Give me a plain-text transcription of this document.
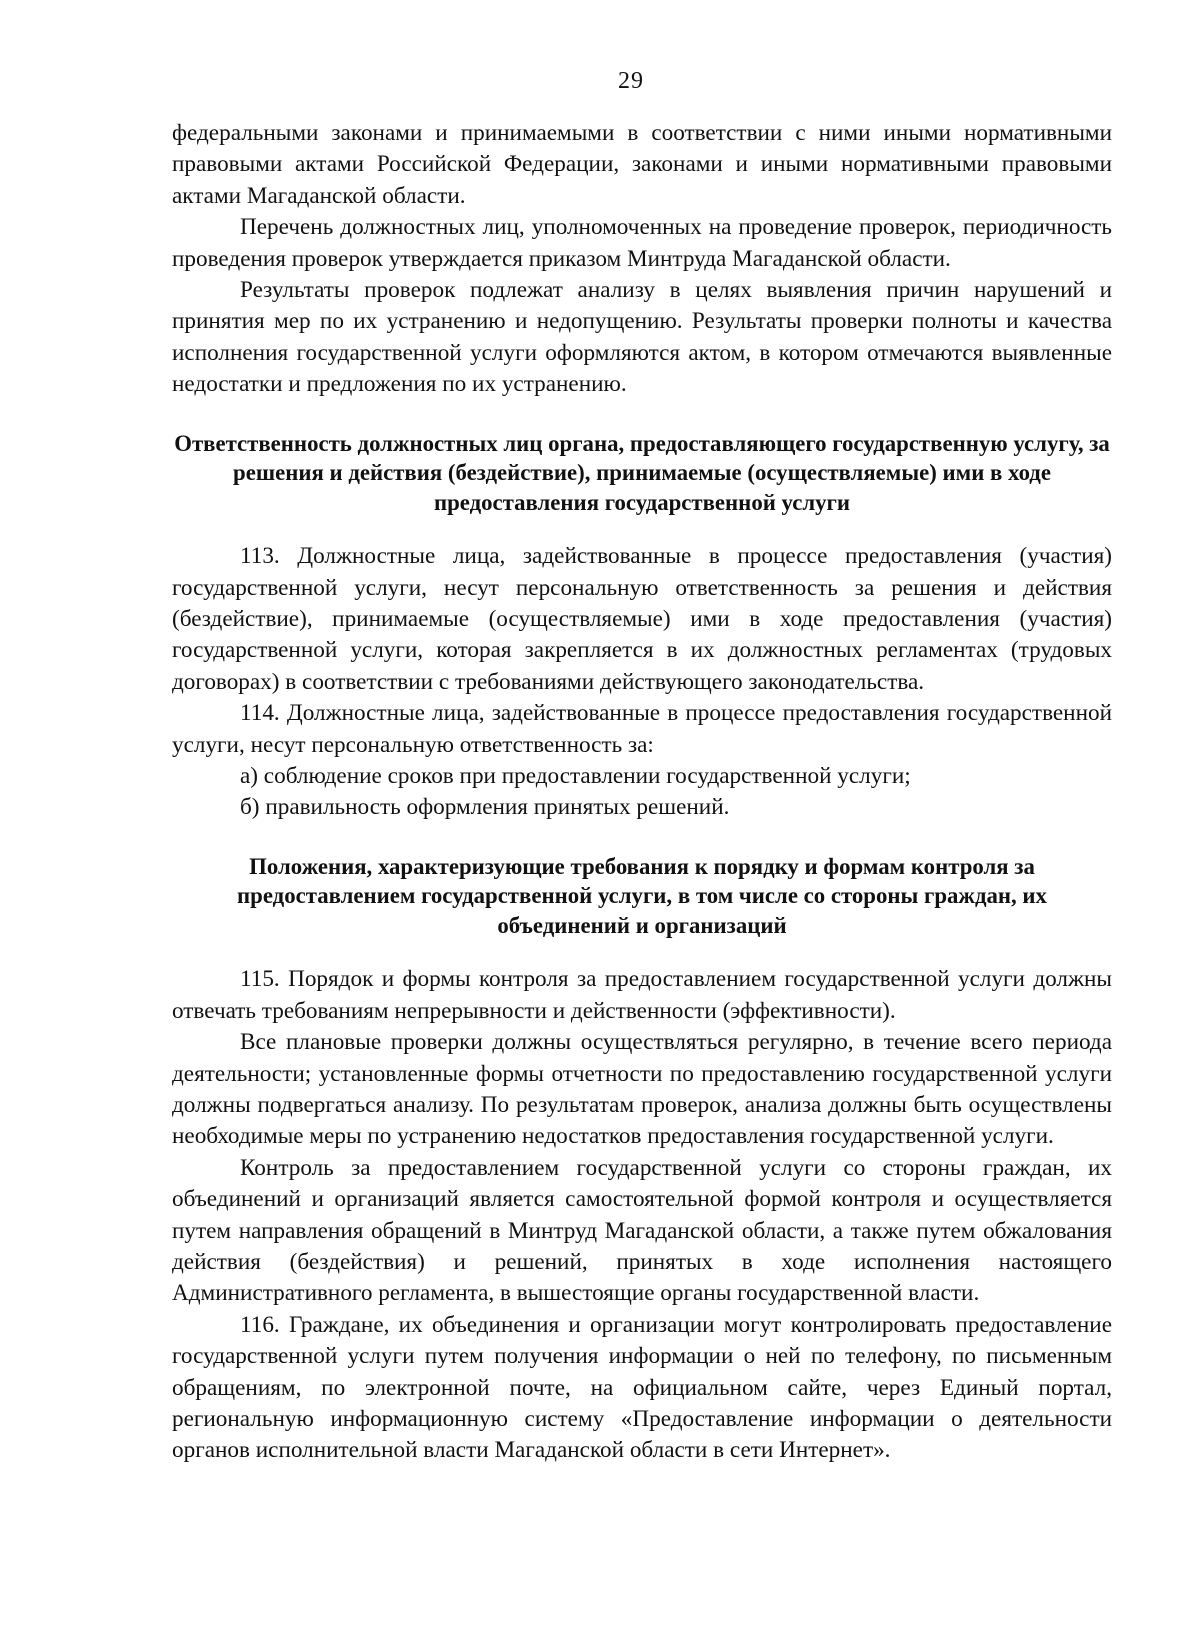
29

федеральными законами и принимаемыми в соответствии с ними иными нормативными правовыми актами Российской Федерации, законами и иными нормативными правовыми актами Магаданской области.

Перечень должностных лиц, уполномоченных на проведение проверок, периодичность проведения проверок утверждается приказом Минтруда Магаданской области.

Результаты проверок подлежат анализу в целях выявления причин нарушений и принятия мер по их устранению и недопущению. Результаты проверки полноты и качества исполнения государственной услуги оформляются актом, в котором отмечаются выявленные недостатки и предложения по их устранению.

Ответственность должностных лиц органа, предоставляющего государственную услугу, за решения и действия (бездействие), принимаемые (осуществляемые) ими в ходе предоставления государственной услуги

113. Должностные лица, задействованные в процессе предоставления (участия) государственной услуги, несут персональную ответственность за решения и действия (бездействие), принимаемые (осуществляемые) ими в ходе предоставления (участия) государственной услуги, которая закрепляется в их должностных регламентах (трудовых договорах) в соответствии с требованиями действующего законодательства.

114. Должностные лица, задействованные в процессе предоставления государственной услуги, несут персональную ответственность за:

а) соблюдение сроков при предоставлении государственной услуги;

б) правильность оформления принятых решений.

Положения, характеризующие требования к порядку и формам контроля за предоставлением государственной услуги, в том числе со стороны граждан, их объединений и организаций

115. Порядок и формы контроля за предоставлением государственной услуги должны отвечать требованиям непрерывности и действенности (эффективности).

Все плановые проверки должны осуществляться регулярно, в течение всего периода деятельности; установленные формы отчетности по предоставлению государственной услуги должны подвергаться анализу. По результатам проверок, анализа должны быть осуществлены необходимые меры по устранению недостатков предоставления государственной услуги.

Контроль за предоставлением государственной услуги со стороны граждан, их объединений и организаций является самостоятельной формой контроля и осуществляется путем направления обращений в Минтруд Магаданской области, а также путем обжалования действия (бездействия) и решений, принятых в ходе исполнения настоящего Административного регламента, в вышестоящие органы государственной власти.

116. Граждане, их объединения и организации могут контролировать предоставление государственной услуги путем получения информации о ней по телефону, по письменным обращениям, по электронной почте, на официальном сайте, через Единый портал, региональную информационную систему «Предоставление информации о деятельности органов исполнительной власти Магаданской области в сети Интернет».
